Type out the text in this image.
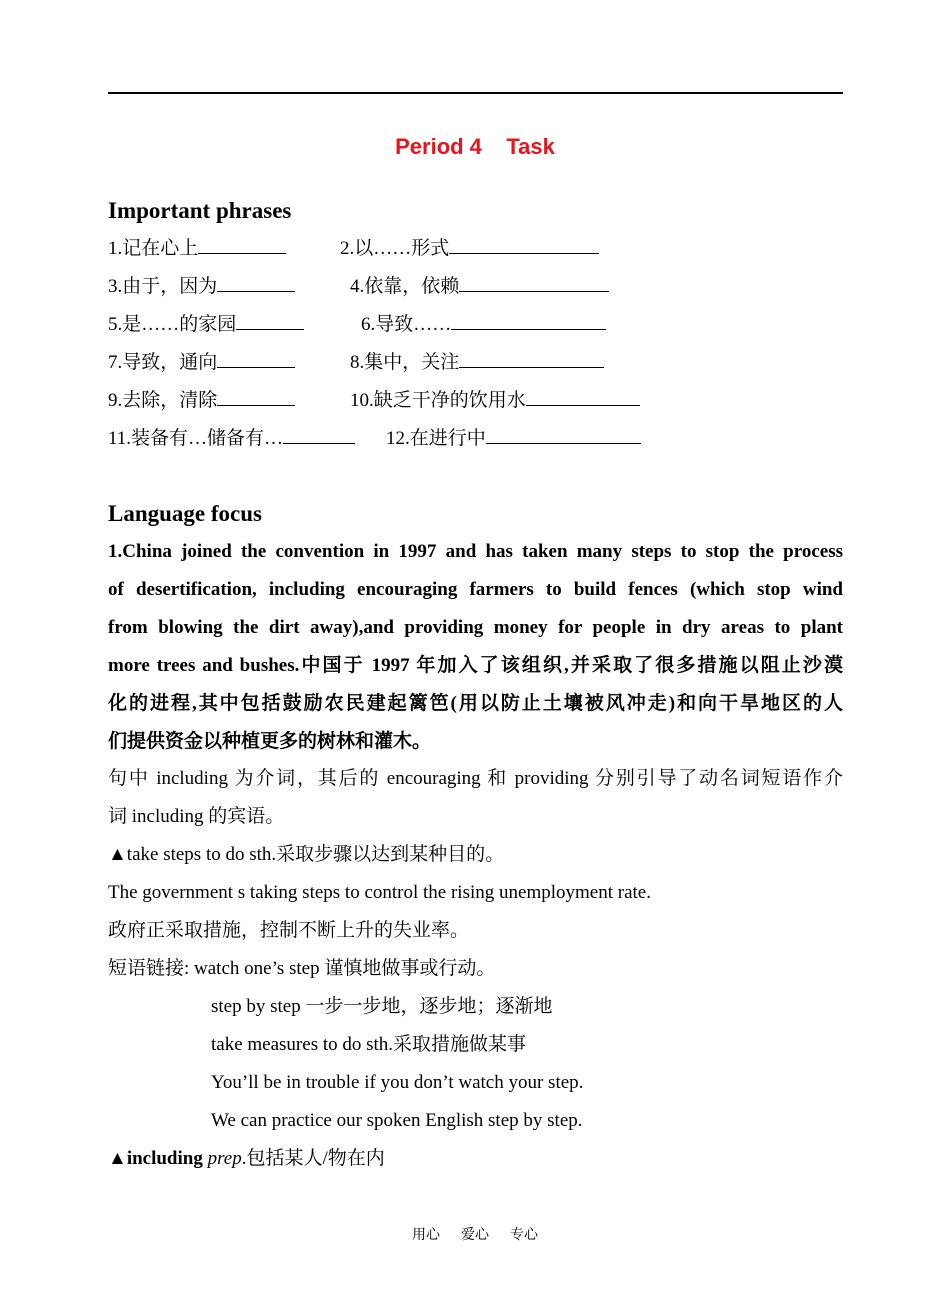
Period 4    Task
Important phrases
1.记在心上	2.以……形式
3.由于，因为	4.依靠，依赖
5.是……的家园	6.导致……
7.导致，通向	8.集中，关注
9.去除，清除	10.缺乏干净的饮用水
11.装备有…储备有…	12.在进行中
Language focus
1.China joined the convention in 1997 and has taken many steps to stop the process
of desertification, including encouraging farmers to build fences (which stop wind
from blowing the dirt away),and providing money for people in dry areas to plant
more trees and bushes.中国于 1997 年加入了该组织,并采取了很多措施以阻止沙漠
化的进程,其中包括鼓励农民建起篱笆(用以防止土壤被风冲走)和向干旱地区的人
们提供资金以种植更多的树林和灌木。
句中 including 为介词，其后的 encouraging 和 providing 分别引导了动名词短语作介
词 including 的宾语。
▲take steps to do sth.采取步骤以达到某种目的。
The government s taking steps to control the rising unemployment rate.
政府正采取措施，控制不断上升的失业率。
短语链接: watch one’s step 谨慎地做事或行动。
step by step 一步一步地，逐步地；逐渐地
take measures to do sth.采取措施做某事
You’ll be in trouble if you don’t watch your step.
We can practice our spoken English step by step.
▲including prep.包括某人/物在内
用心      爱心      专心
